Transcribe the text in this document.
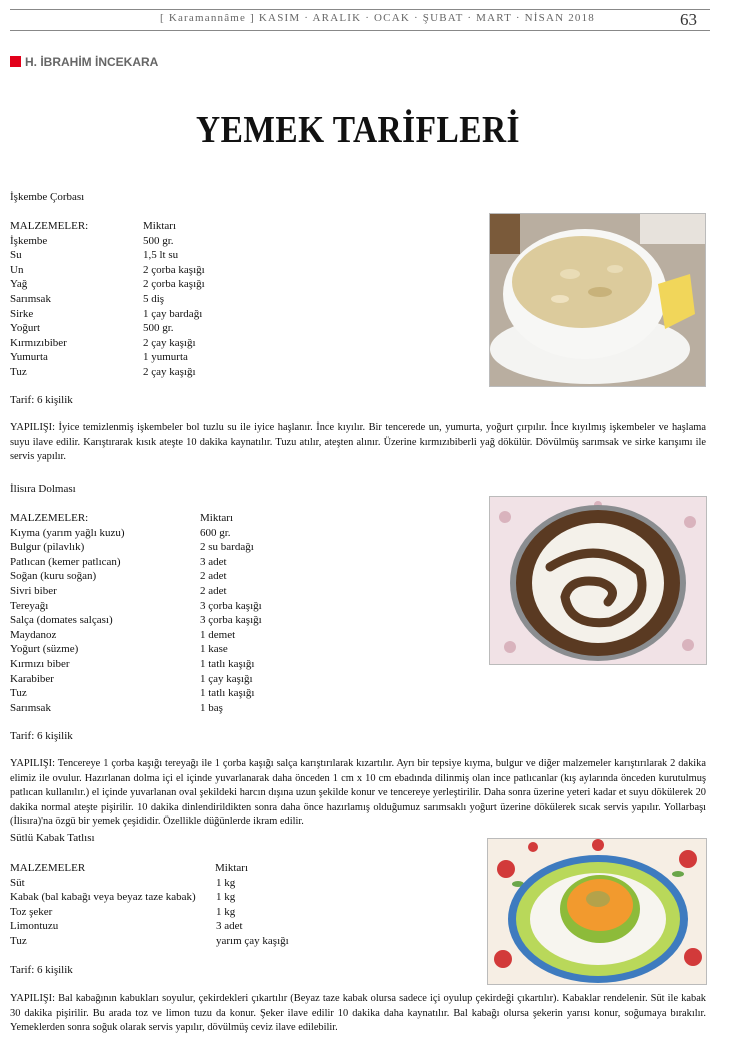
[ Karamannâme ] KASIM · ARALIK · OCAK · ŞUBAT · MART · NİSAN 2018	63
H. İBRAHİM İNCEKARA
YEMEK TARİFLERİ
İşkembe Çorbası
MALZEMELER:	Miktarı
İşkembe	500 gr.
Su	1,5 lt su
Un	2 çorba kaşığı
Yağ	2 çorba kaşığı
Sarımsak	5 diş
Sirke	1 çay bardağı
Yoğurt	500 gr.
Kırmızıbiber	2 çay kaşığı
Yumurta	1 yumurta
Tuz	2 çay kaşığı
Tarif: 6 kişilik
YAPILIŞI: İyice temizlenmiş işkembeler bol tuzlu su ile iyice haşlanır. İnce kıyılır. Bir tencerede un, yumurta, yoğurt çırpılır. İnce kıyılmış işkembeler ve haşlama suyu ilave edilir. Karıştırarak kısık ateşte 10 dakika kaynatılır. Tuzu atılır, ateşten alınır. Üzerine kırmızıbiberli yağ dökülür. Dövülmüş sarımsak ve sirke karışımı ile servis yapılır.
İlisıra Dolması
MALZEMELER:	Miktarı
Kıyma (yarım yağlı kuzu)	600 gr.
Bulgur (pilavlık)	2 su bardağı
Patlıcan (kemer patlıcan)	3 adet
Soğan (kuru soğan)	2 adet
Sivri biber	2 adet
Tereyağı	3 çorba kaşığı
Salça (domates salçası)	3 çorba kaşığı
Maydanoz	1 demet
Yoğurt (süzme)	1 kase
Kırmızı biber	1 tatlı kaşığı
Karabiber	1 çay kaşığı
Tuz	1 tatlı kaşığı
Sarımsak	1 baş
Tarif: 6 kişilik
YAPILIŞI: Tencereye 1 çorba kaşığı tereyağı ile 1 çorba kaşığı salça karıştırılarak kızartılır. Ayrı bir tepsiye kıyma, bulgur ve diğer malzemeler karıştırılarak 2 dakika elimiz ile ovulur. Hazırlanan dolma içi el içinde yuvarlanarak daha önceden 1 cm x 10 cm ebadında dilinmiş olan ince patlıcanlar (kış aylarında önceden kurutulmuş patlıcan kullanılır.) el içinde yuvarlanan oval şekildeki harcın dışına uzun şekilde konur ve tencereye yerleştirilir. Daha sonra üzerine yeteri kadar et suyu dökülerek 20 dakika normal ateşte pişirilir. 10 dakika dinlendirildikten sonra daha önce hazırlamış olduğumuz sarımsaklı yoğurt üzerine dökülerek sıcak servis yapılır. Yollarbaşı (İlisıra)'na özgü bir yemek çeşididir. Özellikle düğünlerde ikram edilir.
Sütlü Kabak Tatlısı
MALZEMELER	Miktarı
Süt	1 kg
Kabak (bal kabağı veya beyaz taze kabak) 1 kg
Toz şeker	1 kg
Limontuzu	3 adet
Tuz	yarım çay kaşığı
Tarif: 6 kişilik
YAPILIŞI: Bal kabağının kabukları soyulur, çekirdekleri çıkartılır (Beyaz taze kabak olursa sadece içi oyulup çekirdeği çıkartılır). Kabaklar rendelenir. Süt ile kabak 30 dakika pişirilir. Bu arada toz ve limon tuzu da konur. Şeker ilave edilir 10 dakika daha kaynatılır. Bal kabağı olursa şekerin yarısı konur, soğumaya bırakılır. Yemeklerden sonra soğuk olarak servis yapılır, dövülmüş ceviz ilave edilebilir.
